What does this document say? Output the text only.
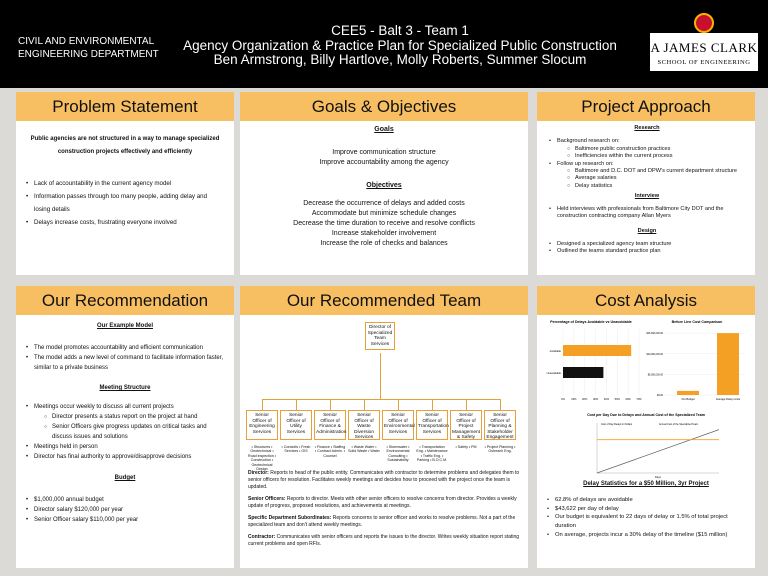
CIVIL AND ENVIRONMENTAL ENGINEERING DEPARTMENT
CEE5 - Balt 3 - Team 1
Agency Organization & Practice Plan for Specialized Public Construction
Ben Armstrong, Billy Hartlove, Molly Roberts, Summer Slocum
A JAMES CLARK
SCHOOL OF ENGINEERING
Problem Statement
Public agencies are not structured in a way to manage specialized construction projects effectively and efficiently
• Lack of accountability in the current agency model
• Information passes through too many people, adding delay and losing details
• Delays increase costs, frustrating everyone involved
Goals & Objectives
Goals
Improve communication structure
Improve accountability among the agency
Objectives
Decrease the occurrence of delays and added costs
Accommodate but minimize schedule changes
Decrease the time duration to receive and resolve conflicts
Increase stakeholder involvement
Increase the role of checks and balances
Project Approach
Research
• Background research on:
○ Baltimore public construction practices
○ Inefficiencies within the current process
• Follow up research on:
○ Baltimore and D.C. DOT and DPW's current department structure
○ Average salaries
○ Delay statistics
Interview
• Held interviews with professionals from Baltimore City DOT and the construction contracting company Allan Myers
Design
• Designed a specialized agency team structure
• Outlined the teams standard practice plan
Our Recommendation
Our Example Model
• The model promotes accountability and efficient communication
• The model adds a new level of command to facilitate information faster, similar to a private business
Meeting Structure
• Meetings occur weekly to discuss all current projects
○ Director presents a status report on the project at hand
○ Senior Officers give progress updates on critical tasks and discuss issues and solutions
• Meetings held in person
• Director has final authority to approve/disapprove decisions
Budget
• $1,000,000 annual budget
• Director salary $120,000 per year
• Senior Officer salary $110,000 per year
Our Recommended Team
Director of Specialized Team Services
Senior Officer of Engineering Services
• Structures • Geotechnical • Road inspection • Construction • Geotechnical Design
Senior Officer of Utility Services
• Conduits • Fresh Services • GIS
Senior Officer of Finance & Administration
• Finance • Staffing • Contract Admin. • Counsel
Senior Officer of Waste Diversion Services
• Waste Water • Solid Waste • Water
Senior Officer of Environmental Services
• Stormwater • Environmental Consulting • Sustainability
Senior Officer of Transportation Services
• Transportation Eng. • Maintenance • Traffic Eng. • Parking • B.O.C.M.
Senior Officer of Project Management & Safety
• Safety • PM
Senior Officer of Planning & Stakeholder Engagement
• Project Planning • Outreach Eng.
Director: Reports to head of the public entity. Communicates with contractor to determine problems and delegates them to senior officers for resolution. Facilitates weekly meetings and decides how to proceed with the project once the team is updated.
Senior Officers: Reports to director. Meets with other senior officers to resolve concerns from director. Provides a weekly update of progress, proposed resolutions, and achievements at meetings.
Specific Department Subordinates: Reports concerns to senior officer and works to resolve problems. Not a part of the specialized team and don't attend weekly meetings.
Contractor: Communicates with senior officers and reports the issues to the director. Writes weekly situation report stating current problems and open RFIs.
Cost Analysis
Percentage of Delays Avoidable vs Unavoidable
0% 10% 20% 30% 40% 50% 60% 70%
Avoidable
Unavoidable
Before Line Cost Comparison
$0.00
$5,000,000.00
$10,000,000.00
$15,000,000.00
Our Budget	Average Delay Costs
Cost per Day Due to Delays and Annual Cost of the Specialized Team
Cost of Day Delays in Dollars	Annual Cost of the Specialized Team
Days
Delay Statistics for a $50 Million, 3yr Project
• 62.8% of delays are avoidable
• $43,622 per day of delay
• Our budget is equivalent to 22 days of delay or 1.5% of total project duration
• On average, projects incur a 30% delay of the timeline ($15 million)
